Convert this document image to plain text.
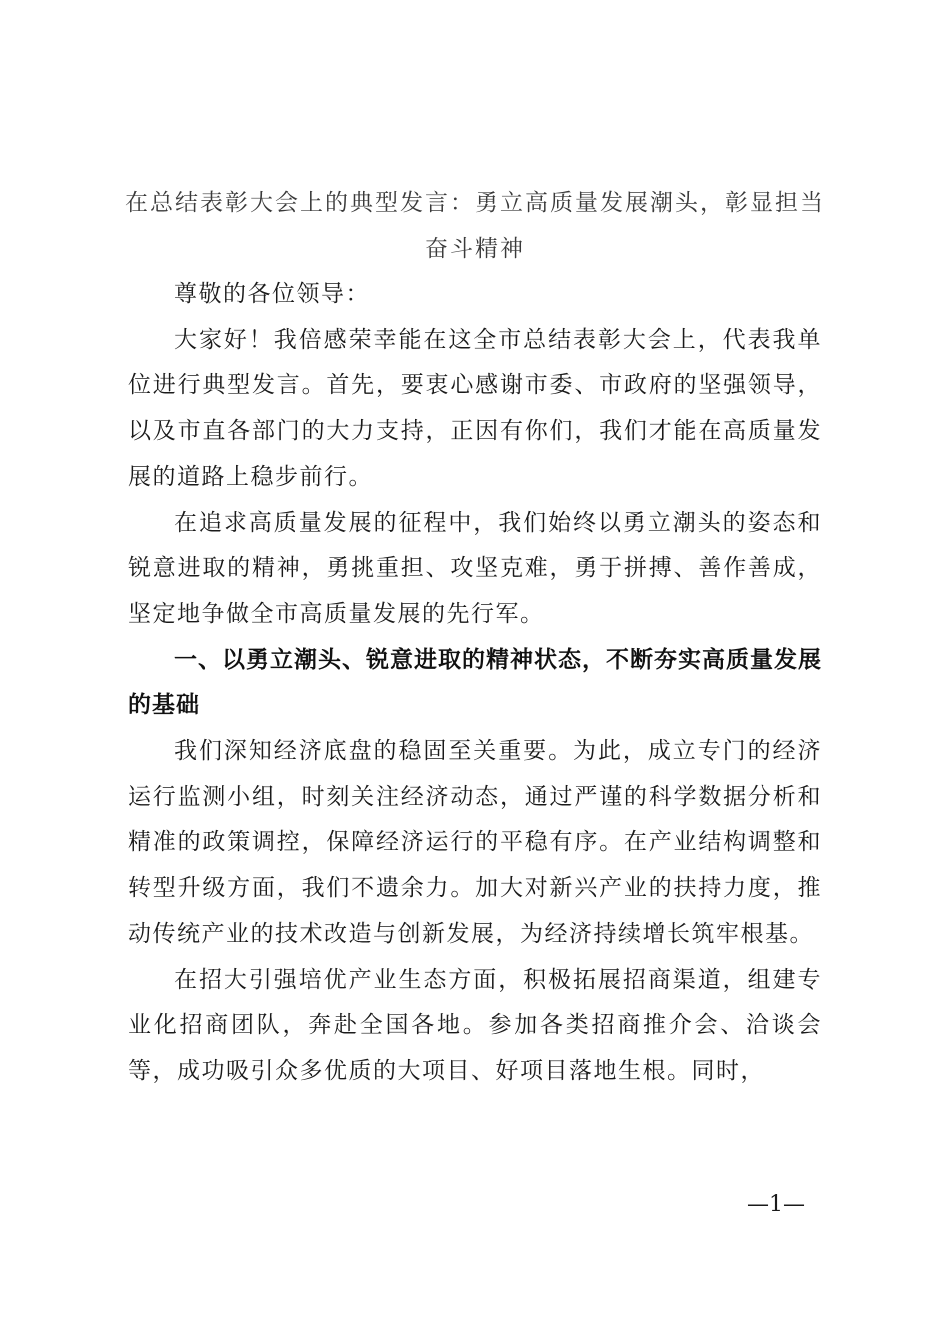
在总结表彰大会上的典型发言：勇立高质量发展潮头，彰显担当奋斗精神

尊敬的各位领导：

大家好！我倍感荣幸能在这全市总结表彰大会上，代表我单位进行典型发言。首先，要衷心感谢市委、市政府的坚强领导，以及市直各部门的大力支持，正因有你们，我们才能在高质量发展的道路上稳步前行。

在追求高质量发展的征程中，我们始终以勇立潮头的姿态和锐意进取的精神，勇挑重担、攻坚克难，勇于拼搏、善作善成，坚定地争做全市高质量发展的先行军。

一、以勇立潮头、锐意进取的精神状态，不断夯实高质量发展的基础

我们深知经济底盘的稳固至关重要。为此，成立专门的经济运行监测小组，时刻关注经济动态，通过严谨的科学数据分析和精准的政策调控，保障经济运行的平稳有序。在产业结构调整和转型升级方面，我们不遗余力。加大对新兴产业的扶持力度，推动传统产业的技术改造与创新发展，为经济持续增长筑牢根基。

在招大引强培优产业生态方面，积极拓展招商渠道，组建专业化招商团队，奔赴全国各地。参加各类招商推介会、洽谈会等，成功吸引众多优质的大项目、好项目落地生根。同时，

—1—
